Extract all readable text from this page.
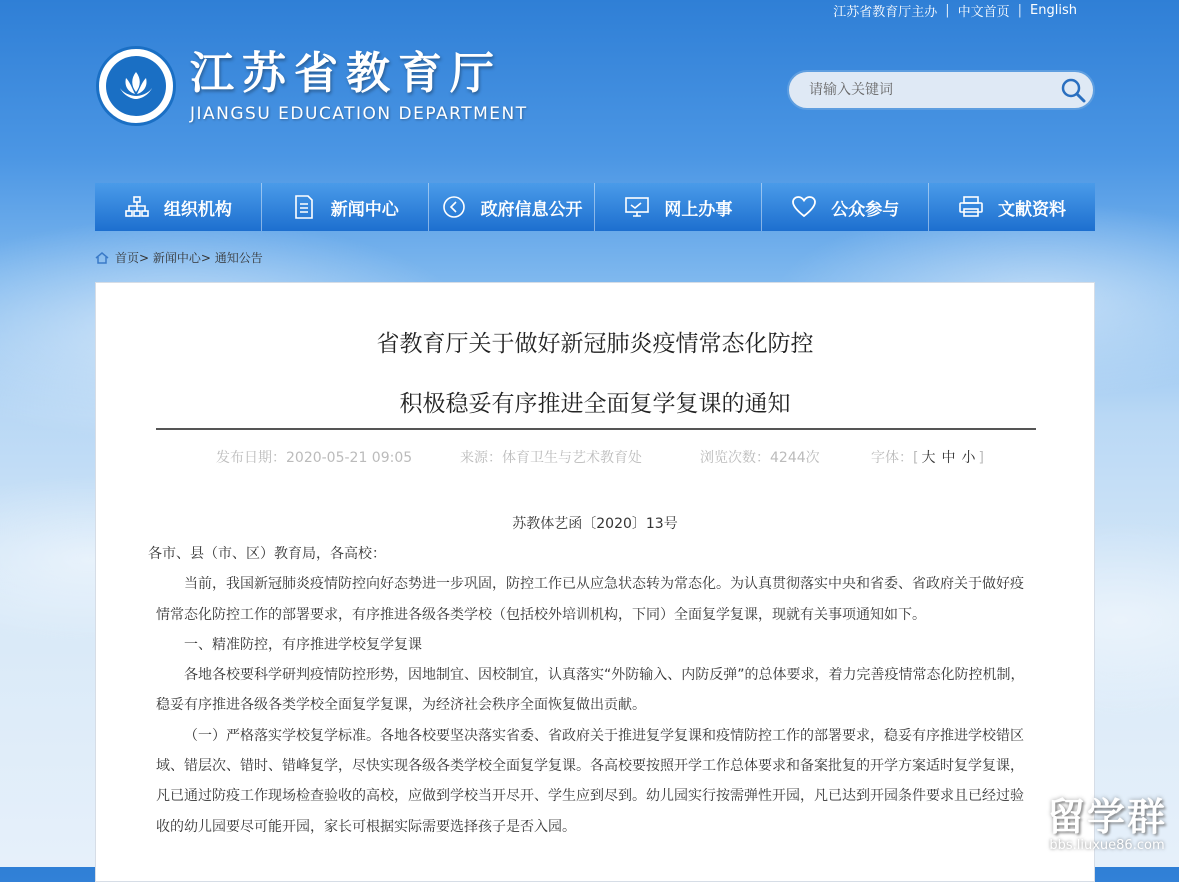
江苏省教育厅主办 | 中文首页 | English
江苏省教育厅
JIANGSU EDUCATION DEPARTMENT
请输入关键词
组织机构	新闻中心	政府信息公开	网上办事	公众参与	文献资料
首页 > 新闻中心 > 通知公告
省教育厅关于做好新冠肺炎疫情常态化防控
积极稳妥有序推进全面复学复课的通知
发布日期：2020-05-21 09:05	来源：体育卫生与艺术教育处	浏览次数：4244次	字体：[ 大 中 小 ]
苏教体艺函〔2020〕13号

各市、县（市、区）教育局，各高校：

当前，我国新冠肺炎疫情防控向好态势进一步巩固，防控工作已从应急状态转为常态化。为认真贯彻落实中央和省委、省政府关于做好疫情常态化防控工作的部署要求，有序推进各级各类学校（包括校外培训机构，下同）全面复学复课，现就有关事项通知如下。

一、精准防控，有序推进学校复学复课

各地各校要科学研判疫情防控形势，因地制宜、因校制宜，认真落实“外防输入、内防反弹”的总体要求，着力完善疫情常态化防控机制，稳妥有序推进各级各类学校全面复学复课，为经济社会秩序全面恢复做出贡献。

（一）严格落实学校复学标准。各地各校要坚决落实省委、省政府关于推进复学复课和疫情防控工作的部署要求，稳妥有序推进学校错区域、错层次、错时、错峰复学，尽快实现各级各类学校全面复学复课。各高校要按照开学工作总体要求和备案批复的开学方案适时复学复课，凡已通过防疫工作现场检查验收的高校，应做到学校当开尽开、学生应到尽到。幼儿园实行按需弹性开园，凡已达到开园条件要求且已经过验收的幼儿园要尽可能开园，家长可根据实际需要选择孩子是否入园。	留学群
bbs.liuxue86.com
